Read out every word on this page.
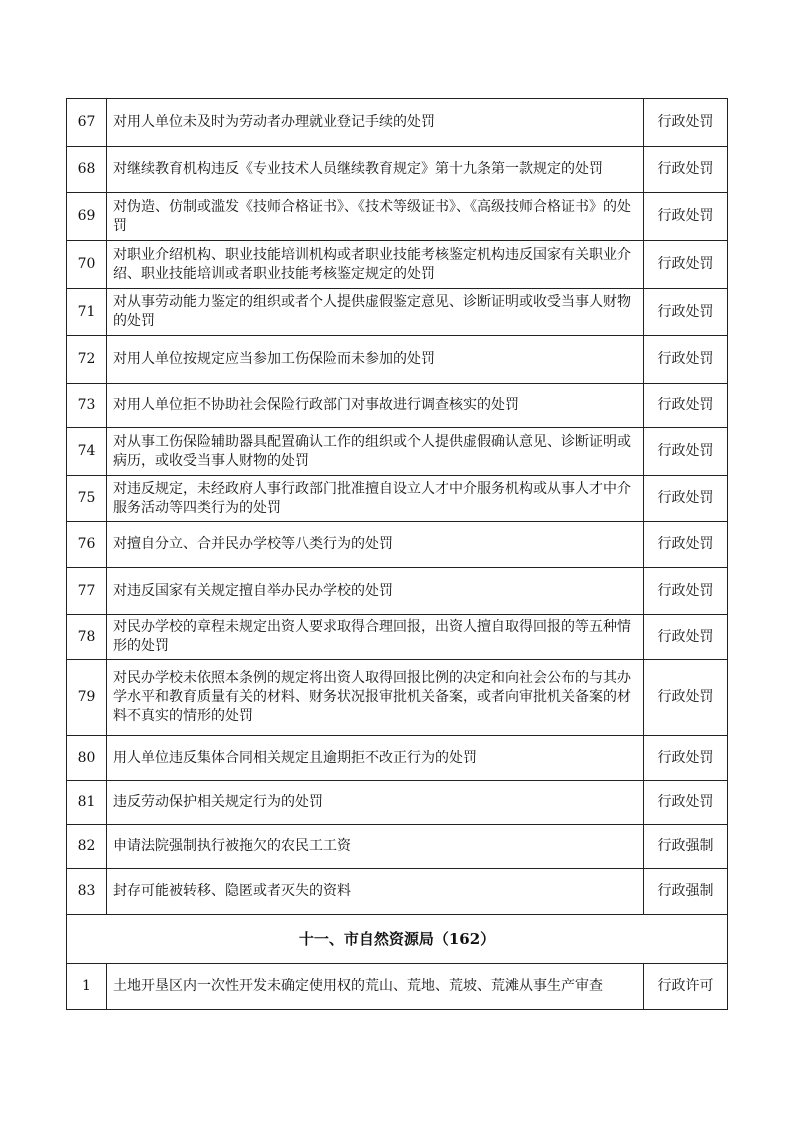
67	对用人单位未及时为劳动者办理就业登记手续的处罚	行政处罚
68	对继续教育机构违反《专业技术人员继续教育规定》第十九条第一款规定的处罚	行政处罚
69	对伪造、仿制或滥发《技师合格证书》、《技术等级证书》、《高级技师合格证书》的处罚	行政处罚
70	对职业介绍机构、职业技能培训机构或者职业技能考核鉴定机构违反国家有关职业介绍、职业技能培训或者职业技能考核鉴定规定的处罚	行政处罚
71	对从事劳动能力鉴定的组织或者个人提供虚假鉴定意见、诊断证明或收受当事人财物的处罚	行政处罚
72	对用人单位按规定应当参加工伤保险而未参加的处罚	行政处罚
73	对用人单位拒不协助社会保险行政部门对事故进行调查核实的处罚	行政处罚
74	对从事工伤保险辅助器具配置确认工作的组织或个人提供虚假确认意见、诊断证明或病历，或收受当事人财物的处罚	行政处罚
75	对违反规定，未经政府人事行政部门批准擅自设立人才中介服务机构或从事人才中介服务活动等四类行为的处罚	行政处罚
76	对擅自分立、合并民办学校等八类行为的处罚	行政处罚
77	对违反国家有关规定擅自举办民办学校的处罚	行政处罚
78	对民办学校的章程未规定出资人要求取得合理回报，出资人擅自取得回报的等五种情形的处罚	行政处罚
79	对民办学校未依照本条例的规定将出资人取得回报比例的决定和向社会公布的与其办学水平和教育质量有关的材料、财务状况报审批机关备案，或者向审批机关备案的材料不真实的情形的处罚	行政处罚
80	用人单位违反集体合同相关规定且逾期拒不改正行为的处罚	行政处罚
81	违反劳动保护相关规定行为的处罚	行政处罚
82	申请法院强制执行被拖欠的农民工工资	行政强制
83	封存可能被转移、隐匿或者灭失的资料	行政强制
十一、市自然资源局（162）		
1	土地开垦区内一次性开发未确定使用权的荒山、荒地、荒坡、荒滩从事生产审查	行政许可
